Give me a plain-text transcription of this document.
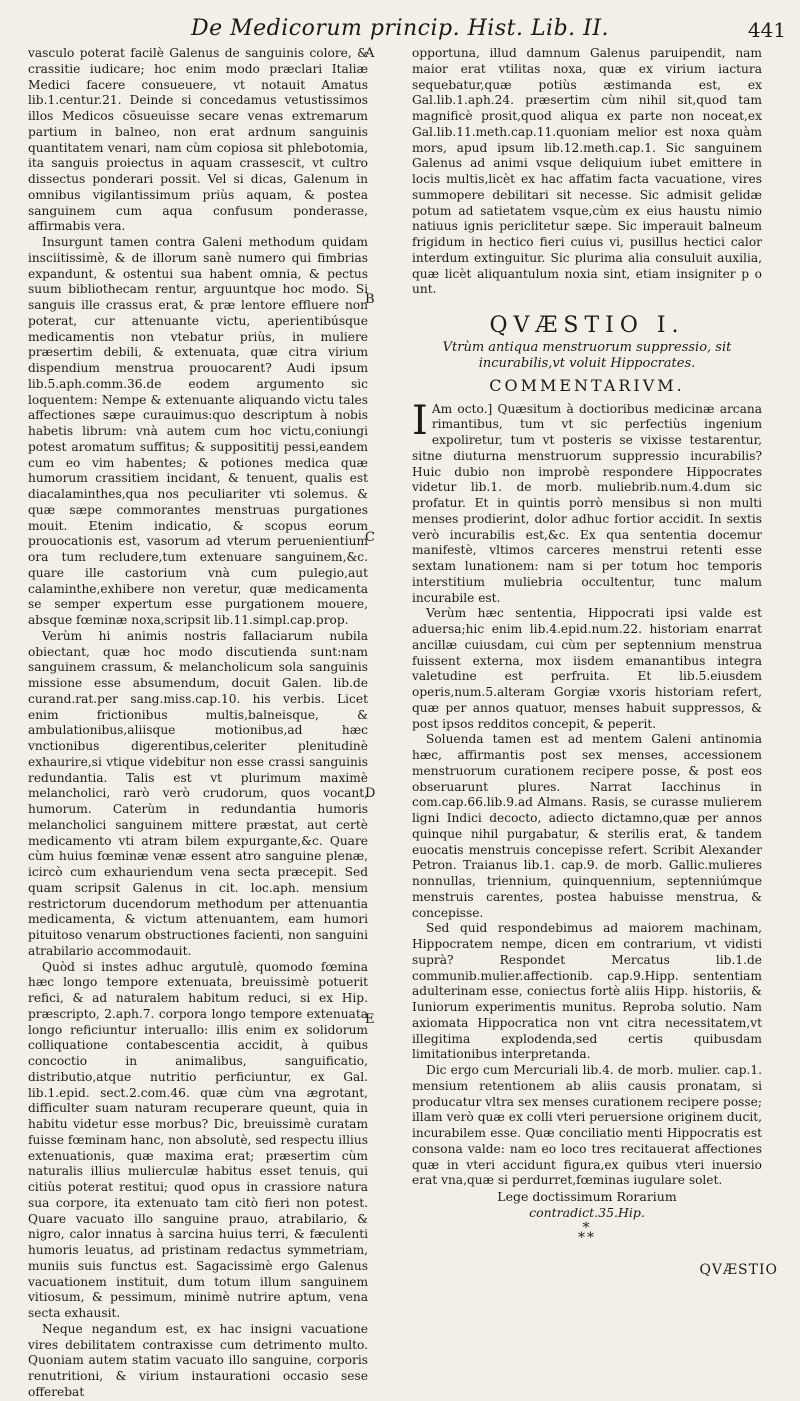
De Medicorum princip. Hist. Lib. II.	441

vasculo poterat facilè Galenus de sanguinis colore, & crassitie iudicare; hoc enim modo præclari Italiæ Medici facere consueuere, vt notauit Amatus lib.1.centur.21. Deinde si concedamus vetustissimos illos Medicos cõsueuisse secare venas extremarum partium in balneo, non erat ardnum sanguinis quantitatem venari, nam cùm copiosa sit phlebotomia, ita sanguis proiectus in aquam crassescit, vt cultro dissectus ponderari possit. Vel si dicas, Galenum in omnibus vigilantissimum priùs aquam, & postea sanguinem cum aqua confusum ponderasse, affirmabis vera.

Insurgunt tamen contra Galeni methodum quidam insciitissimè, & de illorum sanè numero qui fimbrias expandunt, & ostentui sua habent omnia, & pectus suum bibliothecam rentur, arguuntque hoc modo. Si sanguis ille crassus erat, & præ lentore effluere non poterat, cur attenuante victu, aperientibúsque medicamentis non vtebatur priùs, in muliere præsertim debili, & extenuata, quæ citra virium dispendium menstrua prouocarent? Audi ipsum lib.5.aph.comm.36.de eodem argumento sic loquentem: Nempe & extenuante aliquando victu tales affectiones sæpe curauimus:quo descriptum à nobis habetis librum: vnà autem cum hoc victu,coniungi potest aromatum suffitus; & supposititij pessi,eandem cum eo vim habentes; & potiones medica quæ humorum crassitiem incidant, & tenuent, qualis est diacalaminthes,qua nos peculiariter vti solemus. & quæ sæpe commorantes menstruas purgationes mouit. Etenim indicatio, & scopus eorum prouocationis est, vasorum ad vterum peruenientium ora tum recludere,tum extenuare sanguinem,&c. quare ille castorium vnà cum pulegio,aut calaminthe,exhibere non veretur, quæ medicamenta se semper expertum esse purgationem mouere, absque fœminæ noxa,scripsit lib.11.simpl.cap.prop.

Verùm hi animis nostris fallaciarum nubila obiectant, quæ hoc modo discutienda sunt:nam sanguinem crassum, & melancholicum sola sanguinis missione esse absumendum, docuit Galen. lib.de curand.rat.per sang.miss.cap.10. his verbis. Licet enim frictionibus multis,balneisque, & ambulationibus,aliisque motionibus,ad hæc vnctionibus digerentibus,celeriter plenitudinè exhaurire,si vtique videbitur non esse crassi sanguinis redundantia. Talis est vt plurimum maximè melancholici, rarò verò crudorum, quos vocant, humorum. Caterùm in redundantia humoris melancholici sanguinem mittere præstat, aut certè medicamento vti atram bilem expurgante,&c. Quare cùm huius fœminæ venæ essent atro sanguine plenæ, icircò cum exhauriendum vena secta præcepit. Sed quam scripsit Galenus in cit. loc.aph. mensium restrictorum ducendorum methodum per attenuantia medicamenta, & victum attenuantem, eam humori pituitoso venarum obstructiones facienti, non sanguini atrabilario accommodauit.

Quòd si instes adhuc argutulè, quomodo fœmina hæc longo tempore extenuata, breuissimè potuerit refici, & ad naturalem habitum reduci, si ex Hip. præscripto, 2.aph.7. corpora longo tempore extenuata longo reficiuntur interuallo: illis enim ex solidorum colliquatione contabescentia accidit, à quibus concoctio in animalibus, sanguificatio, distributio,atque nutritio perficiuntur, ex Gal. lib.1.epid. sect.2.com.46. quæ cùm vna ægrotant, difficulter suam naturam recuperare queunt, quia in habitu videtur esse morbus? Dic, breuissimè curatam fuisse fœminam hanc, non absolutè, sed respectu illius extenuationis, quæ maxima erat; præsertim cùm naturalis illius mulierculæ habitus esset tenuis, qui citiùs poterat restitui; quod opus in crassiore natura sua corpore, ita extenuato tam citò fieri non potest. Quare vacuato illo sanguine prauo, atrabilario, & nigro, calor innatus à sarcina huius terri, & fæculenti humoris leuatus, ad pristinam redactus symmetriam, muniis suis functus est. Sagacissimè ergo Galenus vacuationem instituit, dum totum illum sanguinem vitiosum, & pessimum, minimè nutrire aptum, vena secta exhausit.

Neque negandum est, ex hac insigni vacuatione vires debilitatem contraxisse cum detrimento multo. Quoniam autem statim vacuato illo sanguine, corporis renutritioni, & virium instaurationi occasio sese offerebat

A
B
C
D
E

opportuna, illud damnum Galenus paruipendit, nam maior erat vtilitas noxa, quæ ex virium iactura sequebatur,quæ potiùs æstimanda est, ex Gal.lib.1.aph.24. præsertim cùm nihil sit,quod tam magnificè prosit,quod aliqua ex parte non noceat,ex Gal.lib.11.meth.cap.11.quoniam melior est noxa quàm mors, apud ipsum lib.12.meth.cap.1. Sic sanguinem Galenus ad animi vsque deliquium iubet emittere in locis multis,licèt ex hac affatim facta vacuatione, vires summopere debilitari sit necesse. Sic admisit gelidæ potum ad satietatem vsque,cùm ex eius haustu nimio natiuus ignis periclitetur sæpe. Sic imperauit balneum frigidum in hectico fieri cuius vi, pusillus hectici calor interdum extinguitur. Sic plurima alia consuluit auxilia, quæ licèt aliquantulum noxia sint, etiam insigniter p o unt.

QVÆSTIO I.
Vtrùm antiqua menstruorum suppressio, sit incurabilis,vt voluit Hippocrates.
COMMENTARIVM.

I Am octo.] Quæsitum à doctioribus medicinæ arcana rimantibus, tum vt sic perfectiùs ingenium expoliretur, tum vt posteris se vixisse testarentur, sitne diuturna menstruorum suppressio incurabilis? Huic dubio non improbè respondere Hippocrates videtur lib.1. de morb. muliebrib.num.4.dum sic profatur. Et in quintis porrò mensibus si non multi menses prodierint, dolor adhuc fortior accidit. In sextis verò incurabilis est,&c. Ex qua sententia docemur manifestè, vltimos carceres menstrui retenti esse sextam lunationem: nam si per totum hoc temporis interstitium muliebria occultentur, tunc malum incurabile est.

Verùm hæc sententia, Hippocrati ipsi valde est aduersa;hic enim lib.4.epid.num.22. historiam enarrat ancillæ cuiusdam, cui cùm per septennium menstrua fuissent externa, mox iisdem emanantibus integra valetudine est perfruita. Et lib.5.eiusdem operis,num.5.alteram Gorgiæ vxoris historiam refert, quæ per annos quatuor, menses habuit suppressos, & post ipsos redditos concepit, & peperit.

Soluenda tamen est ad mentem Galeni antinomia hæc, affirmantis post sex menses, accessionem menstruorum curationem recipere posse, & post eos obseruarunt plures. Narrat Iacchinus in com.cap.66.lib.9.ad Almans. Rasis, se curasse mulierem ligni Indici decocto, adiecto dictamno,quæ per annos quinque nihil purgabatur, & sterilis erat, & tandem euocatis menstruis concepisse refert. Scribit Alexander Petron. Traianus lib.1. cap.9. de morb. Gallic.mulieres nonnullas, triennium, quinquennium, septenniúmque menstruis carentes, postea habuisse menstrua, & concepisse.

Sed quid respondebimus ad maiorem machinam, Hippocratem nempe, dicen em contrarium, vt vidisti suprà? Respondet Mercatus lib.1.de communib.mulier.affectionib. cap.9.Hipp. sententiam adulterinam esse, coniectus fortè aliis Hipp. historiis, & Iuniorum experimentis munitus. Reproba solutio. Nam axiomata Hippocratica non vnt citra necessitatem,vt illegitima explodenda,sed certis quibusdam limitationibus interpretanda.

Dic ergo cum Mercuriali lib.4. de morb. mulier. cap.1. mensium retentionem ab aliis causis pronatam, si producatur vltra sex menses curationem recipere posse; illam verò quæ ex colli vteri peruersione originem ducit, incurabilem esse. Quæ conciliatio menti Hippocratis est consona valde: nam eo loco tres recitauerat affectiones quæ in vteri accidunt figura,ex quibus vteri inuersio erat vna,quæ si perdurret,fœminas iugulare solet.

Lege doctissimum Rorarium
contradict.35.Hip.
*
**
QVÆSTIO
